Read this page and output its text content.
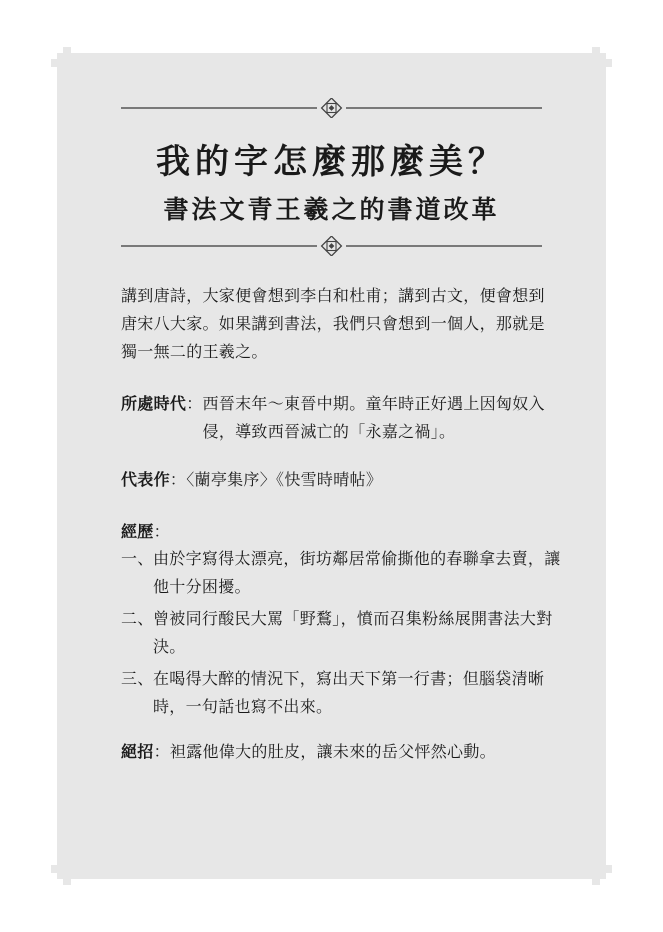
我的字怎麼那麼美？
書法文青王羲之的書道改革

講到唐詩，大家便會想到李白和杜甫；講到古文，便會想到唐宋八大家。如果講到書法，我們只會想到一個人，那就是獨一無二的王羲之。

所處時代： 西晉末年～東晉中期。童年時正好遇上因匈奴入侵，導致西晉滅亡的「永嘉之禍」。
代表作：〈蘭亭集序〉《快雪時晴帖》
經歷：
一、 由於字寫得太漂亮，街坊鄰居常偷撕他的春聯拿去賣，讓他十分困擾。
二、 曾被同行酸民大罵「野鶩」，憤而召集粉絲展開書法大對決。
三、 在喝得大醉的情況下，寫出天下第一行書；但腦袋清晰時，一句話也寫不出來。
絕招：袒露他偉大的肚皮，讓未來的岳父怦然心動。
